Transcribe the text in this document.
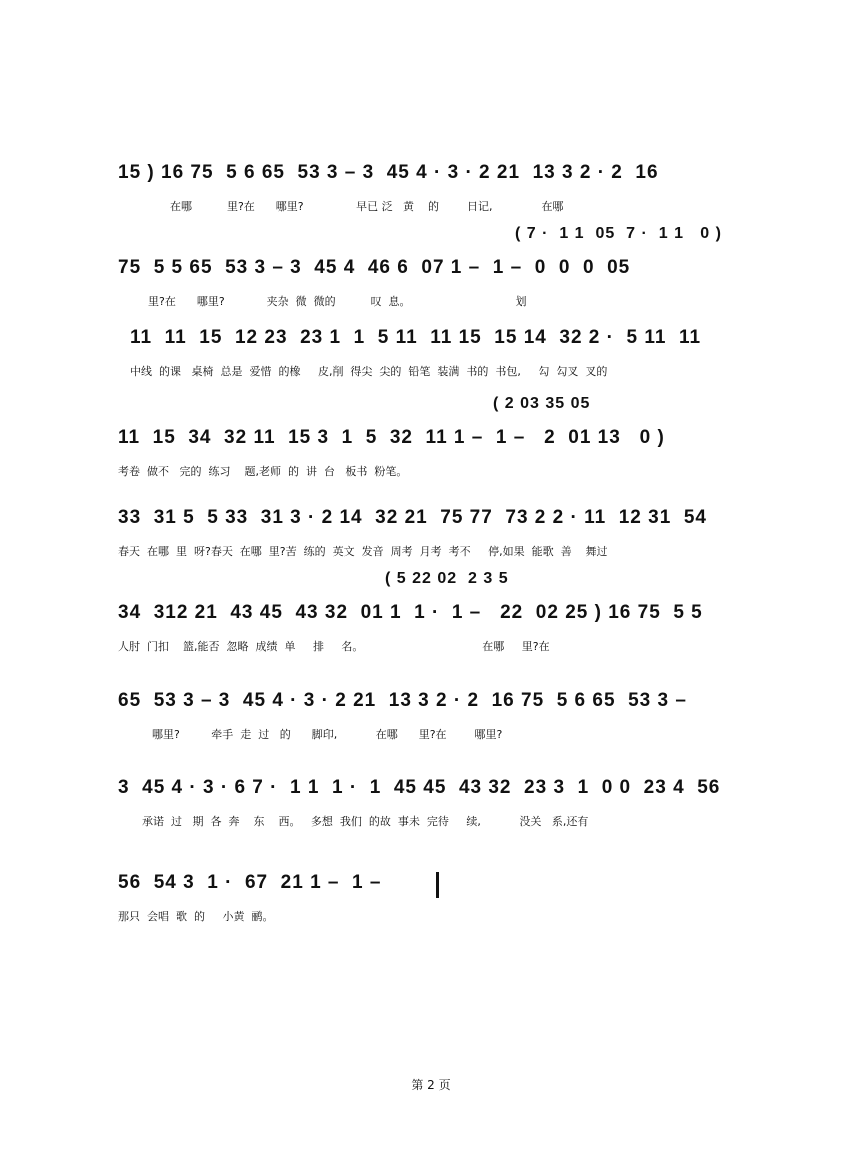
15 ) 16 75  5 6 65  53 3 – 3  45 4 · 3 · 2 21  13 3 2 · 2  16
在哪          里?在      哪里?               早已 泛   黄    的        日记,              在哪
( 7 ·  1 1  05  7 ·  1 1   0 )
75  5 5 65  53 3 – 3  45 4  46 6  07 1 –  1 –  0  0  0  05
里?在      哪里?            夹杂  微  微的          叹  息。                              划
11  11  15  12 23  23 1  1  5 11  11 15  15 14  32 2 ·  5 11  11
中线  的课   桌椅  总是  爱惜  的橡     皮,削  得尖  尖的  铅笔  装满  书的  书包,     勾  勾叉  叉的
( 2 03 35 05
11  15  34  32 11  15 3  1  5  32  11 1 –  1 –   2  01 13   0 )
考卷  做不   完的  练习    题,老师  的  讲  台   板书  粉笔。
33  31 5  5 33  31 3 · 2 14  32 21  75 77  73 2 2 · 11  12 31  54
春天  在哪  里  呀?春天  在哪  里?苦  练的  英文  发音  周考  月考  考不     停,如果  能歌  善    舞过
( 5 22 02  2 3 5
34  312 21  43 45  43 32  01 1  1 ·  1 –   22  02 25 ) 16 75  5 5
人肘  门扣    篮,能否  忽略  成绩  单     排     名。                                  在哪     里?在
65  53 3 – 3  45 4 · 3 · 2 21  13 3 2 · 2  16 75  5 6 65  53 3 –
哪里?         牵手  走  过   的      脚印,           在哪      里?在        哪里?
3  45 4 · 3 · 6 7 ·  1 1  1 ·  1  45 45  43 32  23 3  1  0 0  23 4  56
承诺  过   期  各  奔    东    西。   多想  我们  的故  事未  完待     续,           没关   系,还有
56  54 3  1 ·  67  21 1 –  1 –
那只  会唱  歌  的     小黄  鹂。
第 2 页
